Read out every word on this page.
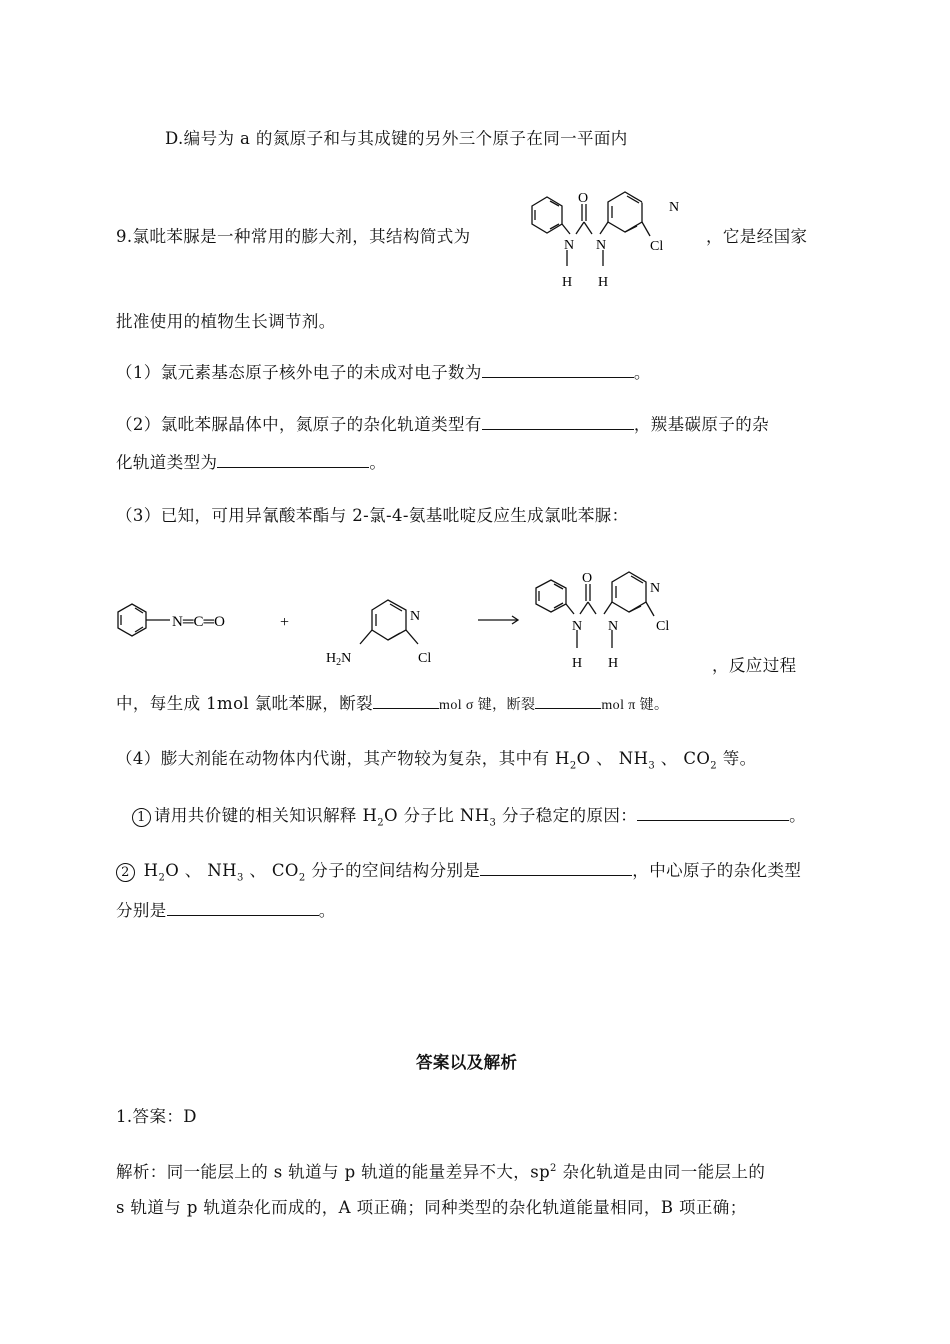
D.编号为 a 的氮原子和与其成键的另外三个原子在同一平面内
9.氯吡苯脲是一种常用的膨大剂，其结构简式为
O
N N
H H
N
Cl
，它是经国家
批准使用的植物生长调节剂。
（1）氯元素基态原子核外电子的未成对电子数为	。
（2）氯吡苯脲晶体中，氮原子的杂化轨道类型有	，羰基碳原子的杂
化轨道类型为	。
（3）已知，可用异氰酸苯酯与 2-氯-4-氨基吡啶反应生成氯吡苯脲：
N═C═O	+	N
$H_2N$	Cl
O
N N
H H
N
Cl
，反应过程
中，每生成 1mol 氯吡苯脲，断裂	mol σ 键，断裂	mol π 键。
（4）膨大剂能在动物体内代谢，其产物较为复杂，其中有 $H_2O$ 、 $NH_3$ 、 $CO_2$ 等。
1 请用共价键的相关知识解释 $H_2O$ 分子比 $NH_3$ 分子稳定的原因：	。
2 $H_2O$ 、 $NH_3$ 、 $CO_2$ 分子的空间结构分别是	，中心原子的杂化类型
分别是	。
答案以及解析
1.答案：D
解析：同一能层上的 s 轨道与 p 轨道的能量差异不大，$sp^2$ 杂化轨道是由同一能层上的
s 轨道与 p 轨道杂化而成的，A 项正确；同种类型的杂化轨道能量相同，B 项正确；
